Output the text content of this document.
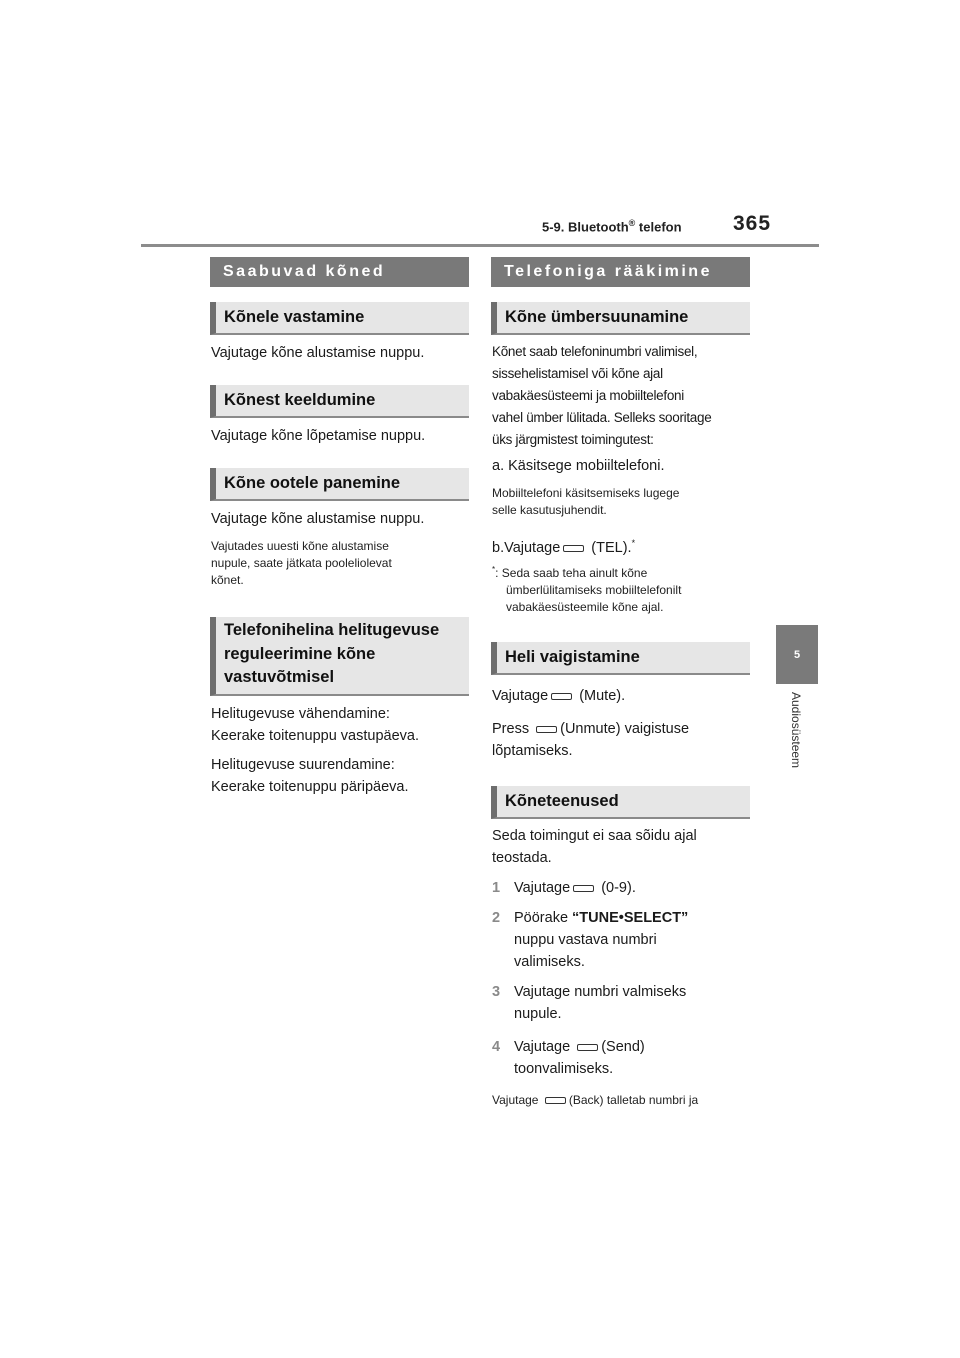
5-9. Bluetooth® telefon 365
5
Audiosüsteem
Saabuvad kõned
Kõnele vastamine
Vajutage kõne alustamise nuppu.
Kõnest keeldumine
Vajutage kõne lõpetamise nuppu.
Kõne ootele panemine
Vajutage kõne alustamise nuppu.
Vajutades uuesti kõne alustamise
nupule, saate jätkata pooleliolevat
kõnet.
Telefonihelina helitugevuse
reguleerimine kõne
vastuvõtmisel
Helitugevuse vähendamine:
Keerake toitenuppu vastupäeva.
Helitugevuse suurendamine:
Keerake toitenuppu päripäeva.
Telefoniga rääkimine
Kõne ümbersuunamine
Kõnet saab telefoninumbri valimisel,
sissehelistamisel või kõne ajal
vabakäesüsteemi ja mobiiltelefoni
vahel ümber lülitada. Selleks sooritage
üks järgmistest toimingutest:
a. Käsitsege mobiiltelefoni.
Mobiiltelefoni käsitsemiseks lugege
selle kasutusjuhendit.
b.Vajutage (TEL).*
*: Seda saab teha ainult kõne
ümberlülitamiseks mobiiltelefonilt
vabakäesüsteemile kõne ajal.
Heli vaigistamine
Vajutage (Mute).
Press (Unmute) vaigistuse
lõptamiseks.
Kõneteenused
Seda toimingut ei saa sõidu ajal
teostada.
1 Vajutage (0-9).
2 Pöörake “TUNE•SELECT”
nuppu vastava numbri
valimiseks.
3 Vajutage numbri valmiseks
nupule.
4 Vajutage (Send)
toonvalimiseks.
Vajutage	(Back) talletab numbri ja
